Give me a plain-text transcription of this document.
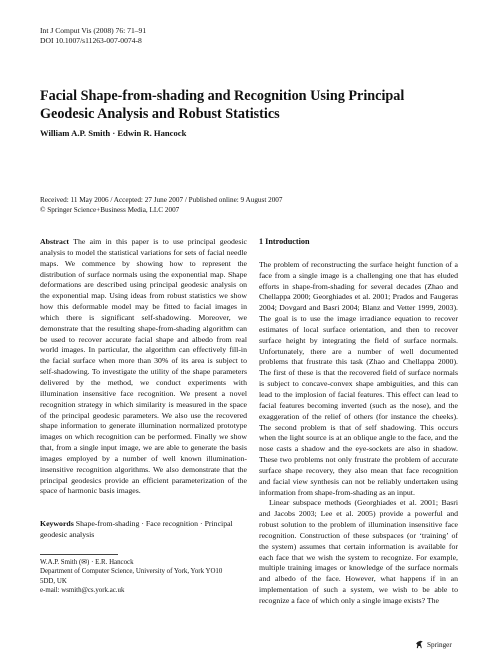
Int J Comput Vis (2008) 76: 71–91
DOI 10.1007/s11263-007-0074-8
Facial Shape-from-shading and Recognition Using Principal
Geodesic Analysis and Robust Statistics
William A.P. Smith · Edwin R. Hancock
Received: 11 May 2006 / Accepted: 27 June 2007 / Published online: 9 August 2007
© Springer Science+Business Media, LLC 2007

Abstract The aim in this paper is to use principal geodesic analysis to model the statistical variations for sets of facial needle maps. We commence by showing how to represent the distribution of surface normals using the exponential map. Shape deformations are described using principal geodesic analysis on the exponential map. Using ideas from robust statistics we show how this deformable model may be fitted to facial images in which there is significant self-shadowing. Moreover, we demonstrate that the resulting shape-from-shading algorithm can be used to recover accurate facial shape and albedo from real world images. In particular, the algorithm can effectively fill-in the facial surface when more than 30% of its area is subject to self-shadowing. To investigate the utility of the shape parameters delivered by the method, we conduct experiments with illumination insensitive face recognition. We present a novel recognition strategy in which similarity is measured in the space of the principal geodesic parameters. We also use the recovered shape information to generate illumination normalized prototype images on which recognition can be performed. Finally we show that, from a single input image, we are able to generate the basis images employed by a number of well known illumination-insensitive recognition algorithms. We also demonstrate that the principal geodesics provide an efficient parameterization of the space of harmonic basis images.

Keywords Shape-from-shading · Face recognition · Principal geodesic analysis
W.A.P. Smith (✉) · E.R. Hancock
Department of Computer Science, University of York, York YO10
5DD, UK
e-mail: wsmith@cs.york.ac.uk

1 Introduction

The problem of reconstructing the surface height function of a face from a single image is a challenging one that has eluded efforts in shape-from-shading for several decades (Zhao and Chellappa 2000; Georghiades et al. 2001; Prados and Faugeras 2004; Dovgard and Basri 2004; Blanz and Vetter 1999, 2003). The goal is to use the image irradiance equation to recover estimates of local surface orientation, and then to recover surface height by integrating the field of surface normals. Unfortunately, there are a number of well documented problems that frustrate this task (Zhao and Chellappa 2000). The first of these is that the recovered field of surface normals is subject to concave-convex shape ambiguities, and this can lead to the implosion of facial features. This effect can lead to facial features becoming inverted (such as the nose), and the exaggeration of the relief of others (for instance the cheeks). The second problem is that of self shadowing. This occurs when the light source is at an oblique angle to the face, and the nose casts a shadow and the eye-sockets are also in shadow. These two problems not only frustrate the problem of accurate surface shape recovery, they also mean that face recognition and facial view synthesis can not be reliably undertaken using information from shape-from-shading as an input.

Linear subspace methods (Georghiades et al. 2001; Basri and Jacobs 2003; Lee et al. 2005) provide a powerful and robust solution to the problem of illumination insensitive face recognition. Construction of these subspaces (or ‘training’ of the system) assumes that certain information is available for each face that we wish the system to recognize. For example, multiple training images or knowledge of the surface normals and albedo of the face. However, what happens if in an implementation of such a system, we wish to be able to recognize a face of which only a single image exists? The

Springer
